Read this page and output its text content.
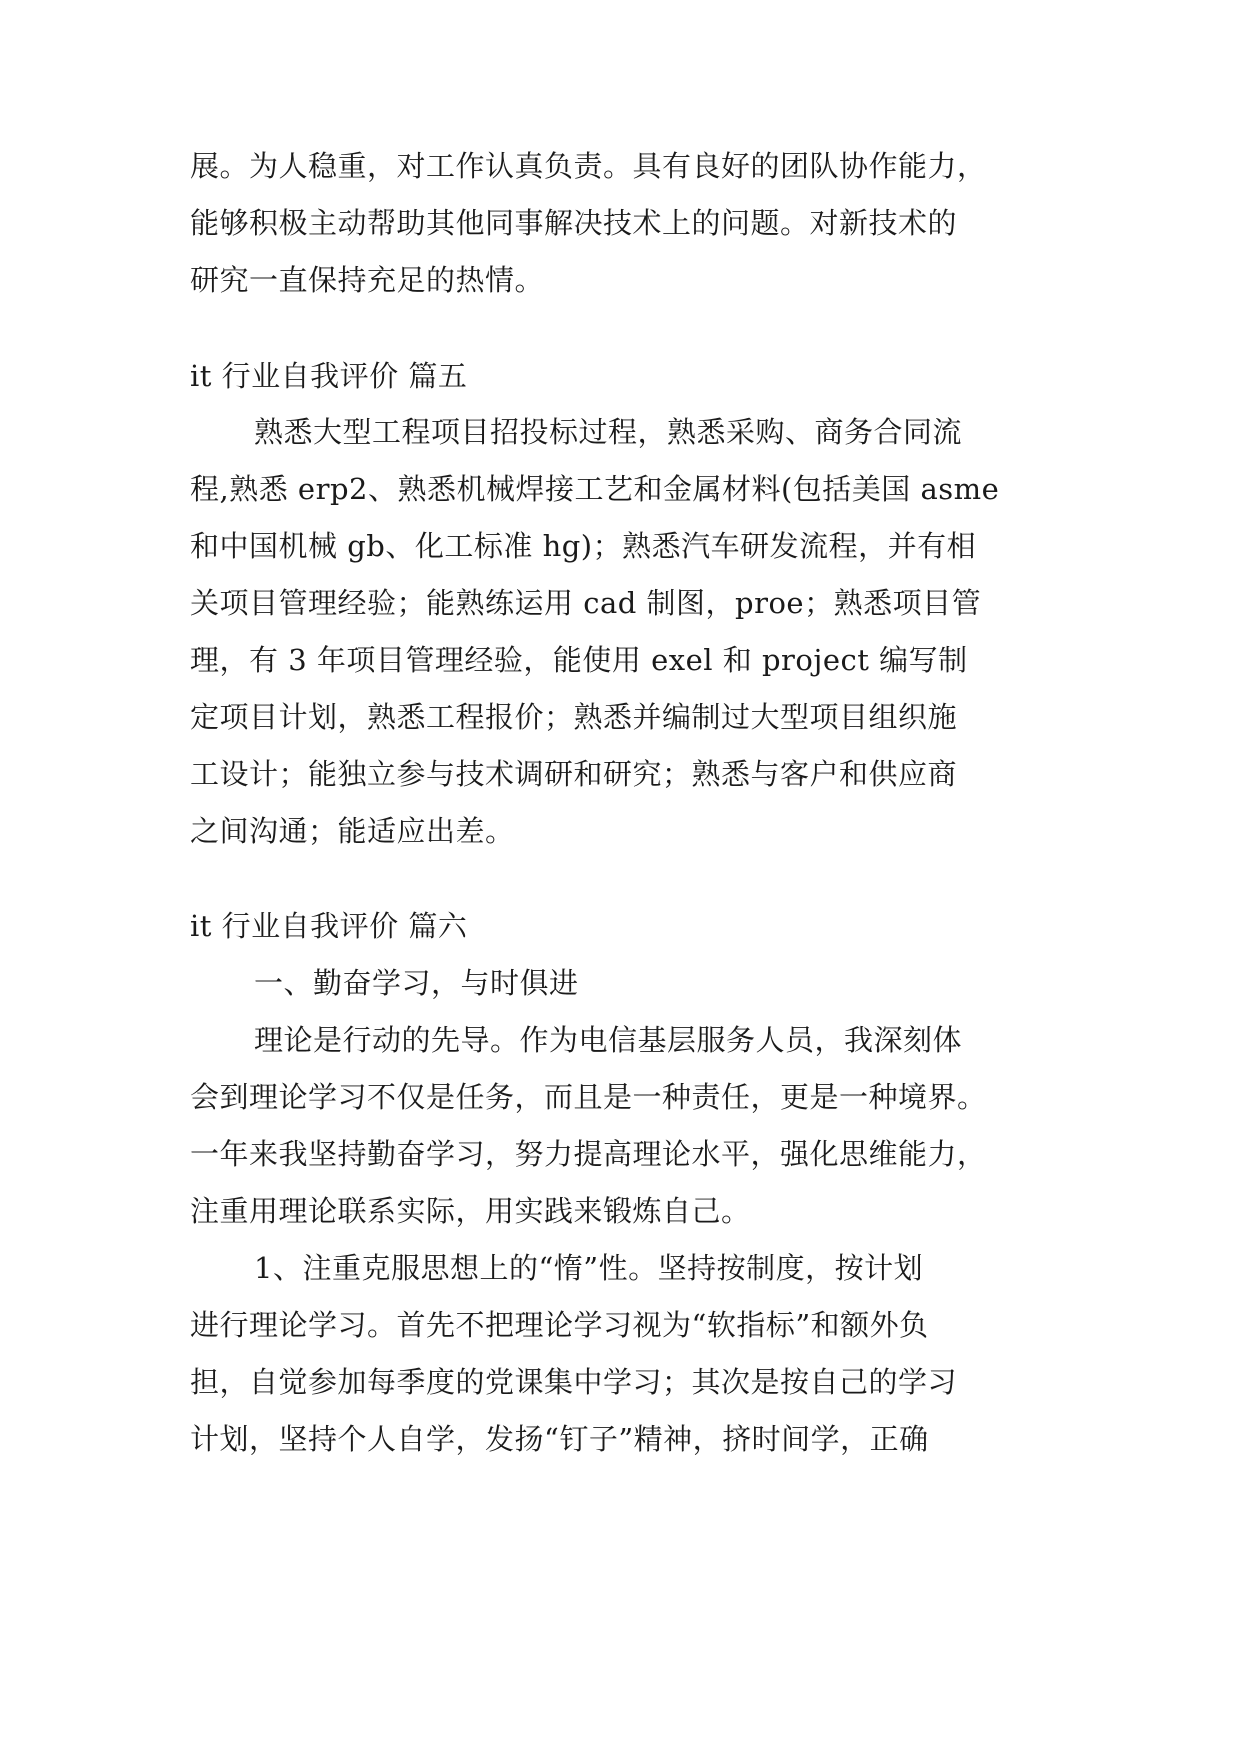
展。为人稳重，对工作认真负责。具有良好的团队协作能力，
能够积极主动帮助其他同事解决技术上的问题。对新技术的
研究一直保持充足的热情。
it 行业自我评价 篇五
熟悉大型工程项目招投标过程，熟悉采购、商务合同流
程,熟悉 erp2、熟悉机械焊接工艺和金属材料(包括美国 asme
和中国机械 gb、化工标准 hg)；熟悉汽车研发流程，并有相
关项目管理经验；能熟练运用 cad 制图，proe；熟悉项目管
理，有 3 年项目管理经验，能使用 exel 和 project 编写制
定项目计划，熟悉工程报价；熟悉并编制过大型项目组织施
工设计；能独立参与技术调研和研究；熟悉与客户和供应商
之间沟通；能适应出差。
it 行业自我评价 篇六
一、勤奋学习，与时俱进
理论是行动的先导。作为电信基层服务人员，我深刻体
会到理论学习不仅是任务，而且是一种责任，更是一种境界。
一年来我坚持勤奋学习，努力提高理论水平，强化思维能力，
注重用理论联系实际，用实践来锻炼自己。
1、注重克服思想上的“惰”性。坚持按制度，按计划
进行理论学习。首先不把理论学习视为“软指标”和额外负
担，自觉参加每季度的党课集中学习；其次是按自己的学习
计划，坚持个人自学，发扬“钉子”精神，挤时间学，正确
